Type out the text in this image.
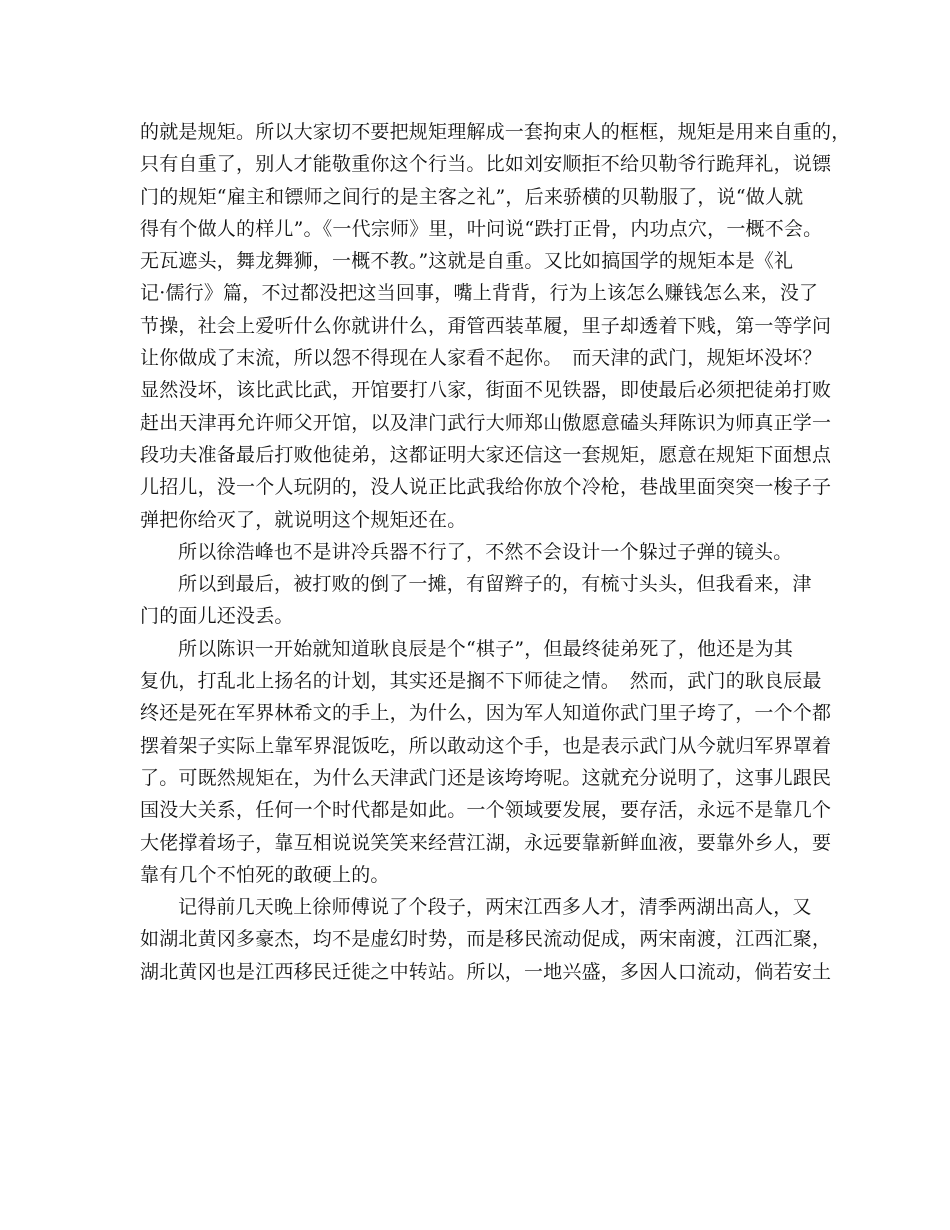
的就是规矩。所以大家切不要把规矩理解成一套拘束人的框框，规矩是用来自重的，
只有自重了，别人才能敬重你这个行当。比如刘安顺拒不给贝勒爷行跪拜礼，说镖
门的规矩“雇主和镖师之间行的是主客之礼”，后来骄横的贝勒服了，说“做人就
得有个做人的样儿”。《一代宗师》里，叶问说“跌打正骨，内功点穴，一概不会。
无瓦遮头，舞龙舞狮，一概不教。”这就是自重。又比如搞国学的规矩本是《礼
记·儒行》篇，不过都没把这当回事，嘴上背背，行为上该怎么赚钱怎么来，没了
节操，社会上爱听什么你就讲什么，甭管西装革履，里子却透着下贱，第一等学问
让你做成了末流，所以怨不得现在人家看不起你。　而天津的武门，规矩坏没坏？
显然没坏，该比武比武，开馆要打八家，街面不见铁器，即使最后必须把徒弟打败
赶出天津再允许师父开馆，以及津门武行大师郑山傲愿意磕头拜陈识为师真正学一
段功夫准备最后打败他徒弟，这都证明大家还信这一套规矩，愿意在规矩下面想点
儿招儿，没一个人玩阴的，没人说正比武我给你放个冷枪，巷战里面突突一梭子子
弹把你给灭了，就说明这个规矩还在。
所以徐浩峰也不是讲冷兵器不行了，不然不会设计一个躲过子弹的镜头。
所以到最后，被打败的倒了一摊，有留辫子的，有梳寸头头，但我看来，津
门的面儿还没丢。
所以陈识一开始就知道耿良辰是个“棋子”，但最终徒弟死了，他还是为其
复仇，打乱北上扬名的计划，其实还是搁不下师徒之情。　然而，武门的耿良辰最
终还是死在军界林希文的手上，为什么，因为军人知道你武门里子垮了，一个个都
摆着架子实际上靠军界混饭吃，所以敢动这个手，也是表示武门从今就归军界罩着
了。可既然规矩在，为什么天津武门还是该垮垮呢。这就充分说明了，这事儿跟民
国没大关系，任何一个时代都是如此。一个领域要发展，要存活，永远不是靠几个
大佬撑着场子，靠互相说说笑笑来经营江湖，永远要靠新鲜血液，要靠外乡人，要
靠有几个不怕死的敢硬上的。
记得前几天晚上徐师傅说了个段子，两宋江西多人才，清季两湖出高人，又
如湖北黄冈多豪杰，均不是虚幻时势，而是移民流动促成，两宋南渡，江西汇聚，
湖北黄冈也是江西移民迁徙之中转站。所以，一地兴盛，多因人口流动，倘若安土
